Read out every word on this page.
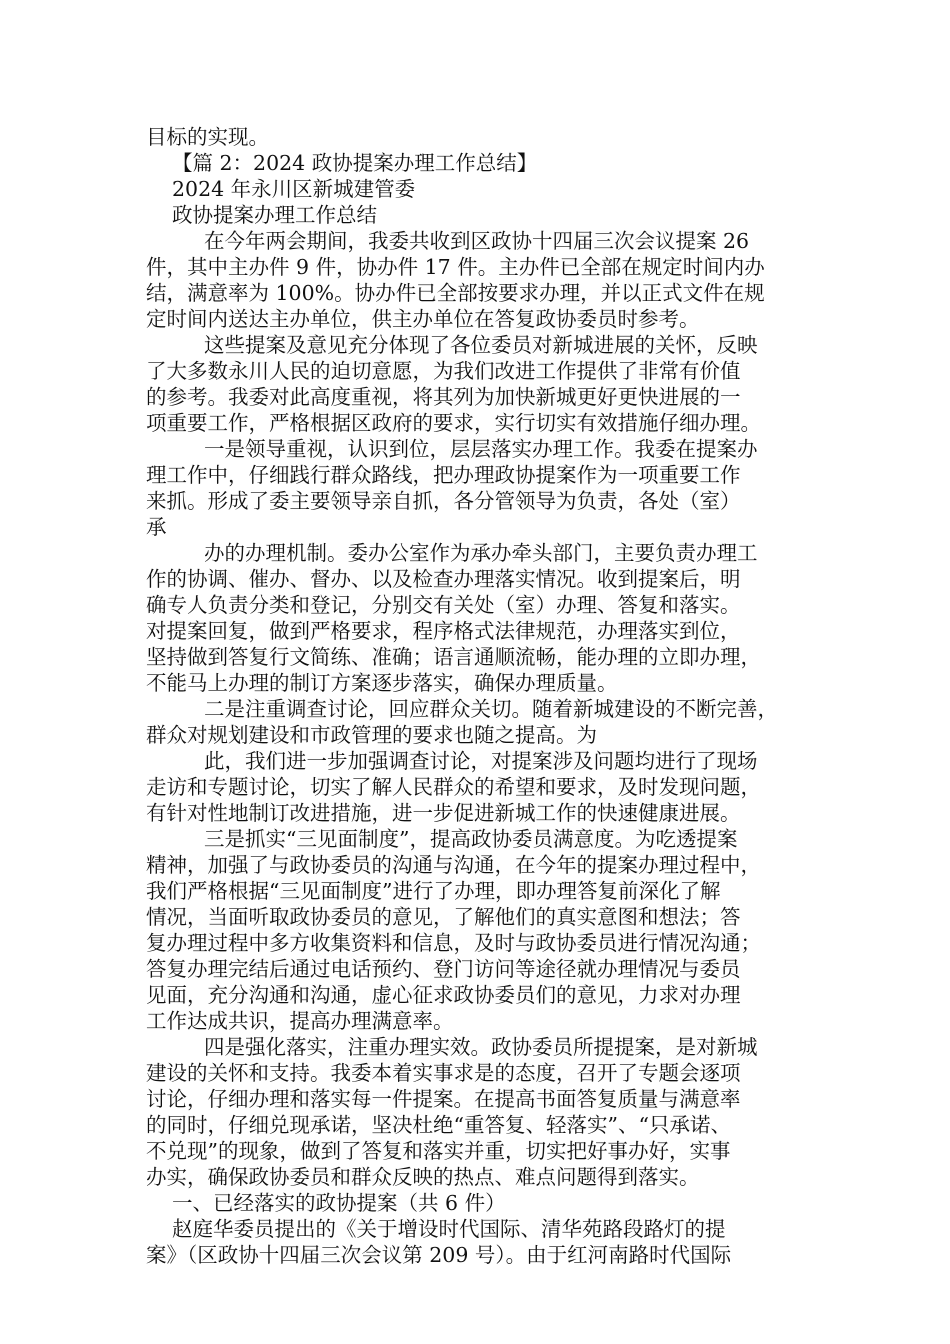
目标的实现。
【篇 2：2024 政协提案办理工作总结】
2024 年永川区新城建管委
政协提案办理工作总结
在今年两会期间，我委共收到区政协十四届三次会议提案 26
件，其中主办件 9 件，协办件 17 件。主办件已全部在规定时间内办
结，满意率为 100%。协办件已全部按要求办理，并以正式文件在规
定时间内送达主办单位，供主办单位在答复政协委员时参考。
这些提案及意见充分体现了各位委员对新城进展的关怀，反映
了大多数永川人民的迫切意愿，为我们改进工作提供了非常有价值
的参考。我委对此高度重视，将其列为加快新城更好更快进展的一
项重要工作，严格根据区政府的要求，实行切实有效措施仔细办理。
一是领导重视，认识到位，层层落实办理工作。我委在提案办
理工作中，仔细践行群众路线，把办理政协提案作为一项重要工作
来抓。形成了委主要领导亲自抓，各分管领导为负责，各处（室）
承
办的办理机制。委办公室作为承办牵头部门，主要负责办理工
作的协调、催办、督办、以及检查办理落实情况。收到提案后，明
确专人负责分类和登记，分别交有关处（室）办理、答复和落实。
对提案回复，做到严格要求，程序格式法律规范，办理落实到位，
坚持做到答复行文简练、准确；语言通顺流畅，能办理的立即办理，
不能马上办理的制订方案逐步落实，确保办理质量。
二是注重调查讨论，回应群众关切。随着新城建设的不断完善，
群众对规划建设和市政管理的要求也随之提高。为
此，我们进一步加强调查讨论，对提案涉及问题均进行了现场
走访和专题讨论，切实了解人民群众的希望和要求，及时发现问题，
有针对性地制订改进措施，进一步促进新城工作的快速健康进展。
三是抓实“三见面制度”，提高政协委员满意度。为吃透提案
精神，加强了与政协委员的沟通与沟通，在今年的提案办理过程中，
我们严格根据“三见面制度”进行了办理，即办理答复前深化了解
情况，当面听取政协委员的意见，了解他们的真实意图和想法；答
复办理过程中多方收集资料和信息，及时与政协委员进行情况沟通；
答复办理完结后通过电话预约、登门访问等途径就办理情况与委员
见面，充分沟通和沟通，虚心征求政协委员们的意见，力求对办理
工作达成共识，提高办理满意率。
四是强化落实，注重办理实效。政协委员所提提案，是对新城
建设的关怀和支持。我委本着实事求是的态度，召开了专题会逐项
讨论，仔细办理和落实每一件提案。在提高书面答复质量与满意率
的同时，仔细兑现承诺，坚决杜绝“重答复、轻落实”、“只承诺、
不兑现”的现象，做到了答复和落实并重，切实把好事办好，实事
办实，确保政协委员和群众反映的热点、难点问题得到落实。
一、已经落实的政协提案（共 6 件）
赵庭华委员提出的《关于增设时代国际、清华苑路段路灯的提
案》（区政协十四届三次会议第 209 号）。由于红河南路时代国际
